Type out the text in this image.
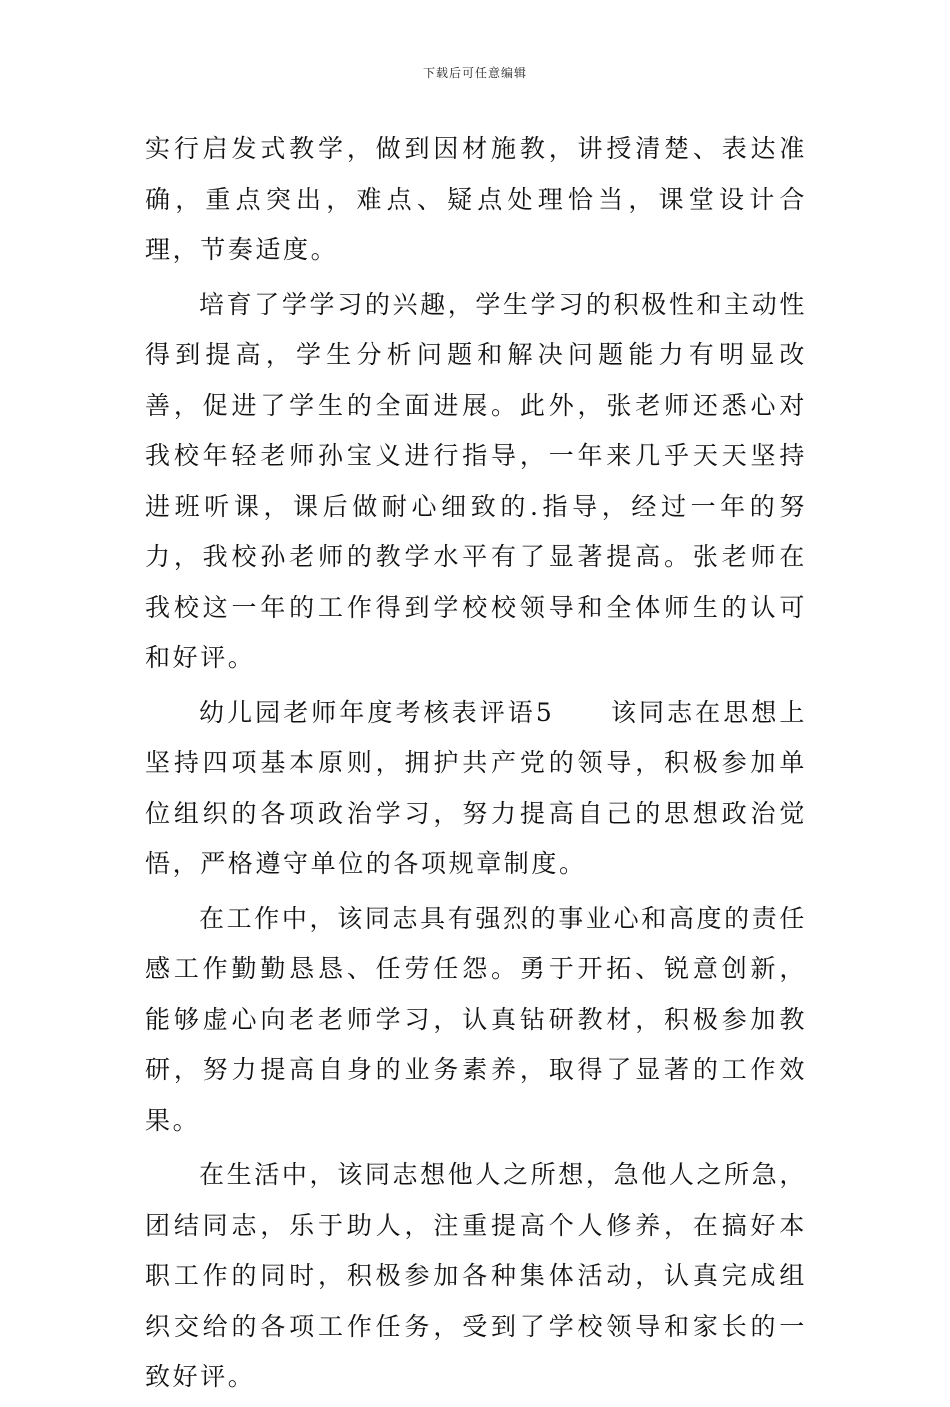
下载后可任意编辑

实行启发式教学，做到因材施教，讲授清楚、表达准确，重点突出，难点、疑点处理恰当，课堂设计合理，节奏适度。

培育了学学习的兴趣，学生学习的积极性和主动性得到提高，学生分析问题和解决问题能力有明显改善，促进了学生的全面进展。此外，张老师还悉心对我校年轻老师孙宝义进行指导，一年来几乎天天坚持进班听课，课后做耐心细致的.指导，经过一年的努力，我校孙老师的教学水平有了显著提高。张老师在我校这一年的工作得到学校校领导和全体师生的认可和好评。

幼儿园老师年度考核表评语5　　该同志在思想上坚持四项基本原则，拥护共产党的领导，积极参加单位组织的各项政治学习，努力提高自己的思想政治觉悟，严格遵守单位的各项规章制度。

在工作中，该同志具有强烈的事业心和高度的责任感工作勤勤恳恳、任劳任怨。勇于开拓、锐意创新，能够虚心向老老师学习，认真钻研教材，积极参加教研，努力提高自身的业务素养，取得了显著的工作效果。

在生活中，该同志想他人之所想，急他人之所急，团结同志，乐于助人，注重提高个人修养，在搞好本职工作的同时，积极参加各种集体活动，认真完成组织交给的各项工作任务，受到了学校领导和家长的一致好评。
